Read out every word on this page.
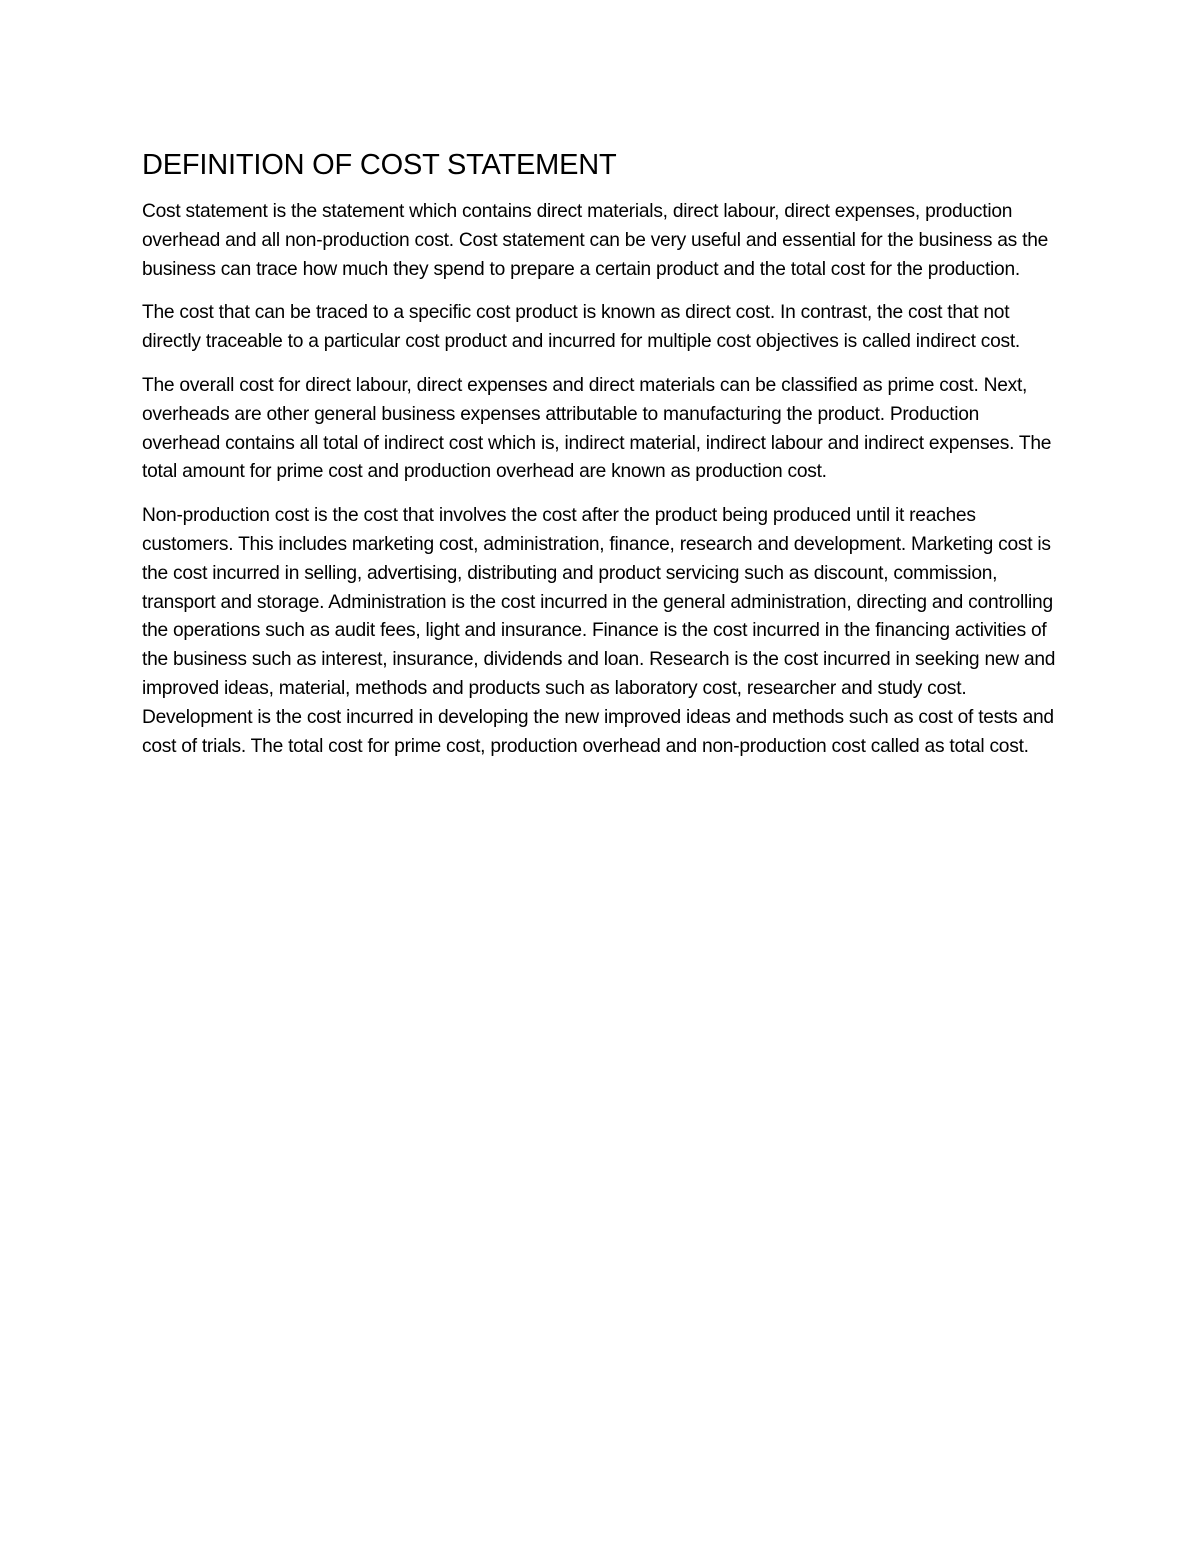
DEFINITION OF COST STATEMENT

Cost statement is the statement which contains direct materials, direct labour, direct expenses, production overhead and all non-production cost. Cost statement can be very useful and essential for the business as the business can trace how much they spend to prepare a certain product and the total cost for the production.

The cost that can be traced to a specific cost product is known as direct cost. In contrast, the cost that not directly traceable to a particular cost product and incurred for multiple cost objectives is called indirect cost.

The overall cost for direct labour, direct expenses and direct materials can be classified as prime cost. Next, overheads are other general business expenses attributable to manufacturing the product. Production overhead contains all total of indirect cost which is, indirect material, indirect labour and indirect expenses. The total amount for prime cost and production overhead are known as production cost.

Non-production cost is the cost that involves the cost after the product being produced until it reaches customers. This includes marketing cost, administration, finance, research and development. Marketing cost is the cost incurred in selling, advertising, distributing and product servicing such as discount, commission, transport and storage. Administration is the cost incurred in the general administration, directing and controlling the operations such as audit fees, light and insurance. Finance is the cost incurred in the financing activities of the business such as interest, insurance, dividends and loan. Research is the cost incurred in seeking new and improved ideas, material, methods and products such as laboratory cost, researcher and study cost. Development is the cost incurred in developing the new improved ideas and methods such as cost of tests and cost of trials. The total cost for prime cost, production overhead and non-production cost called as total cost.
